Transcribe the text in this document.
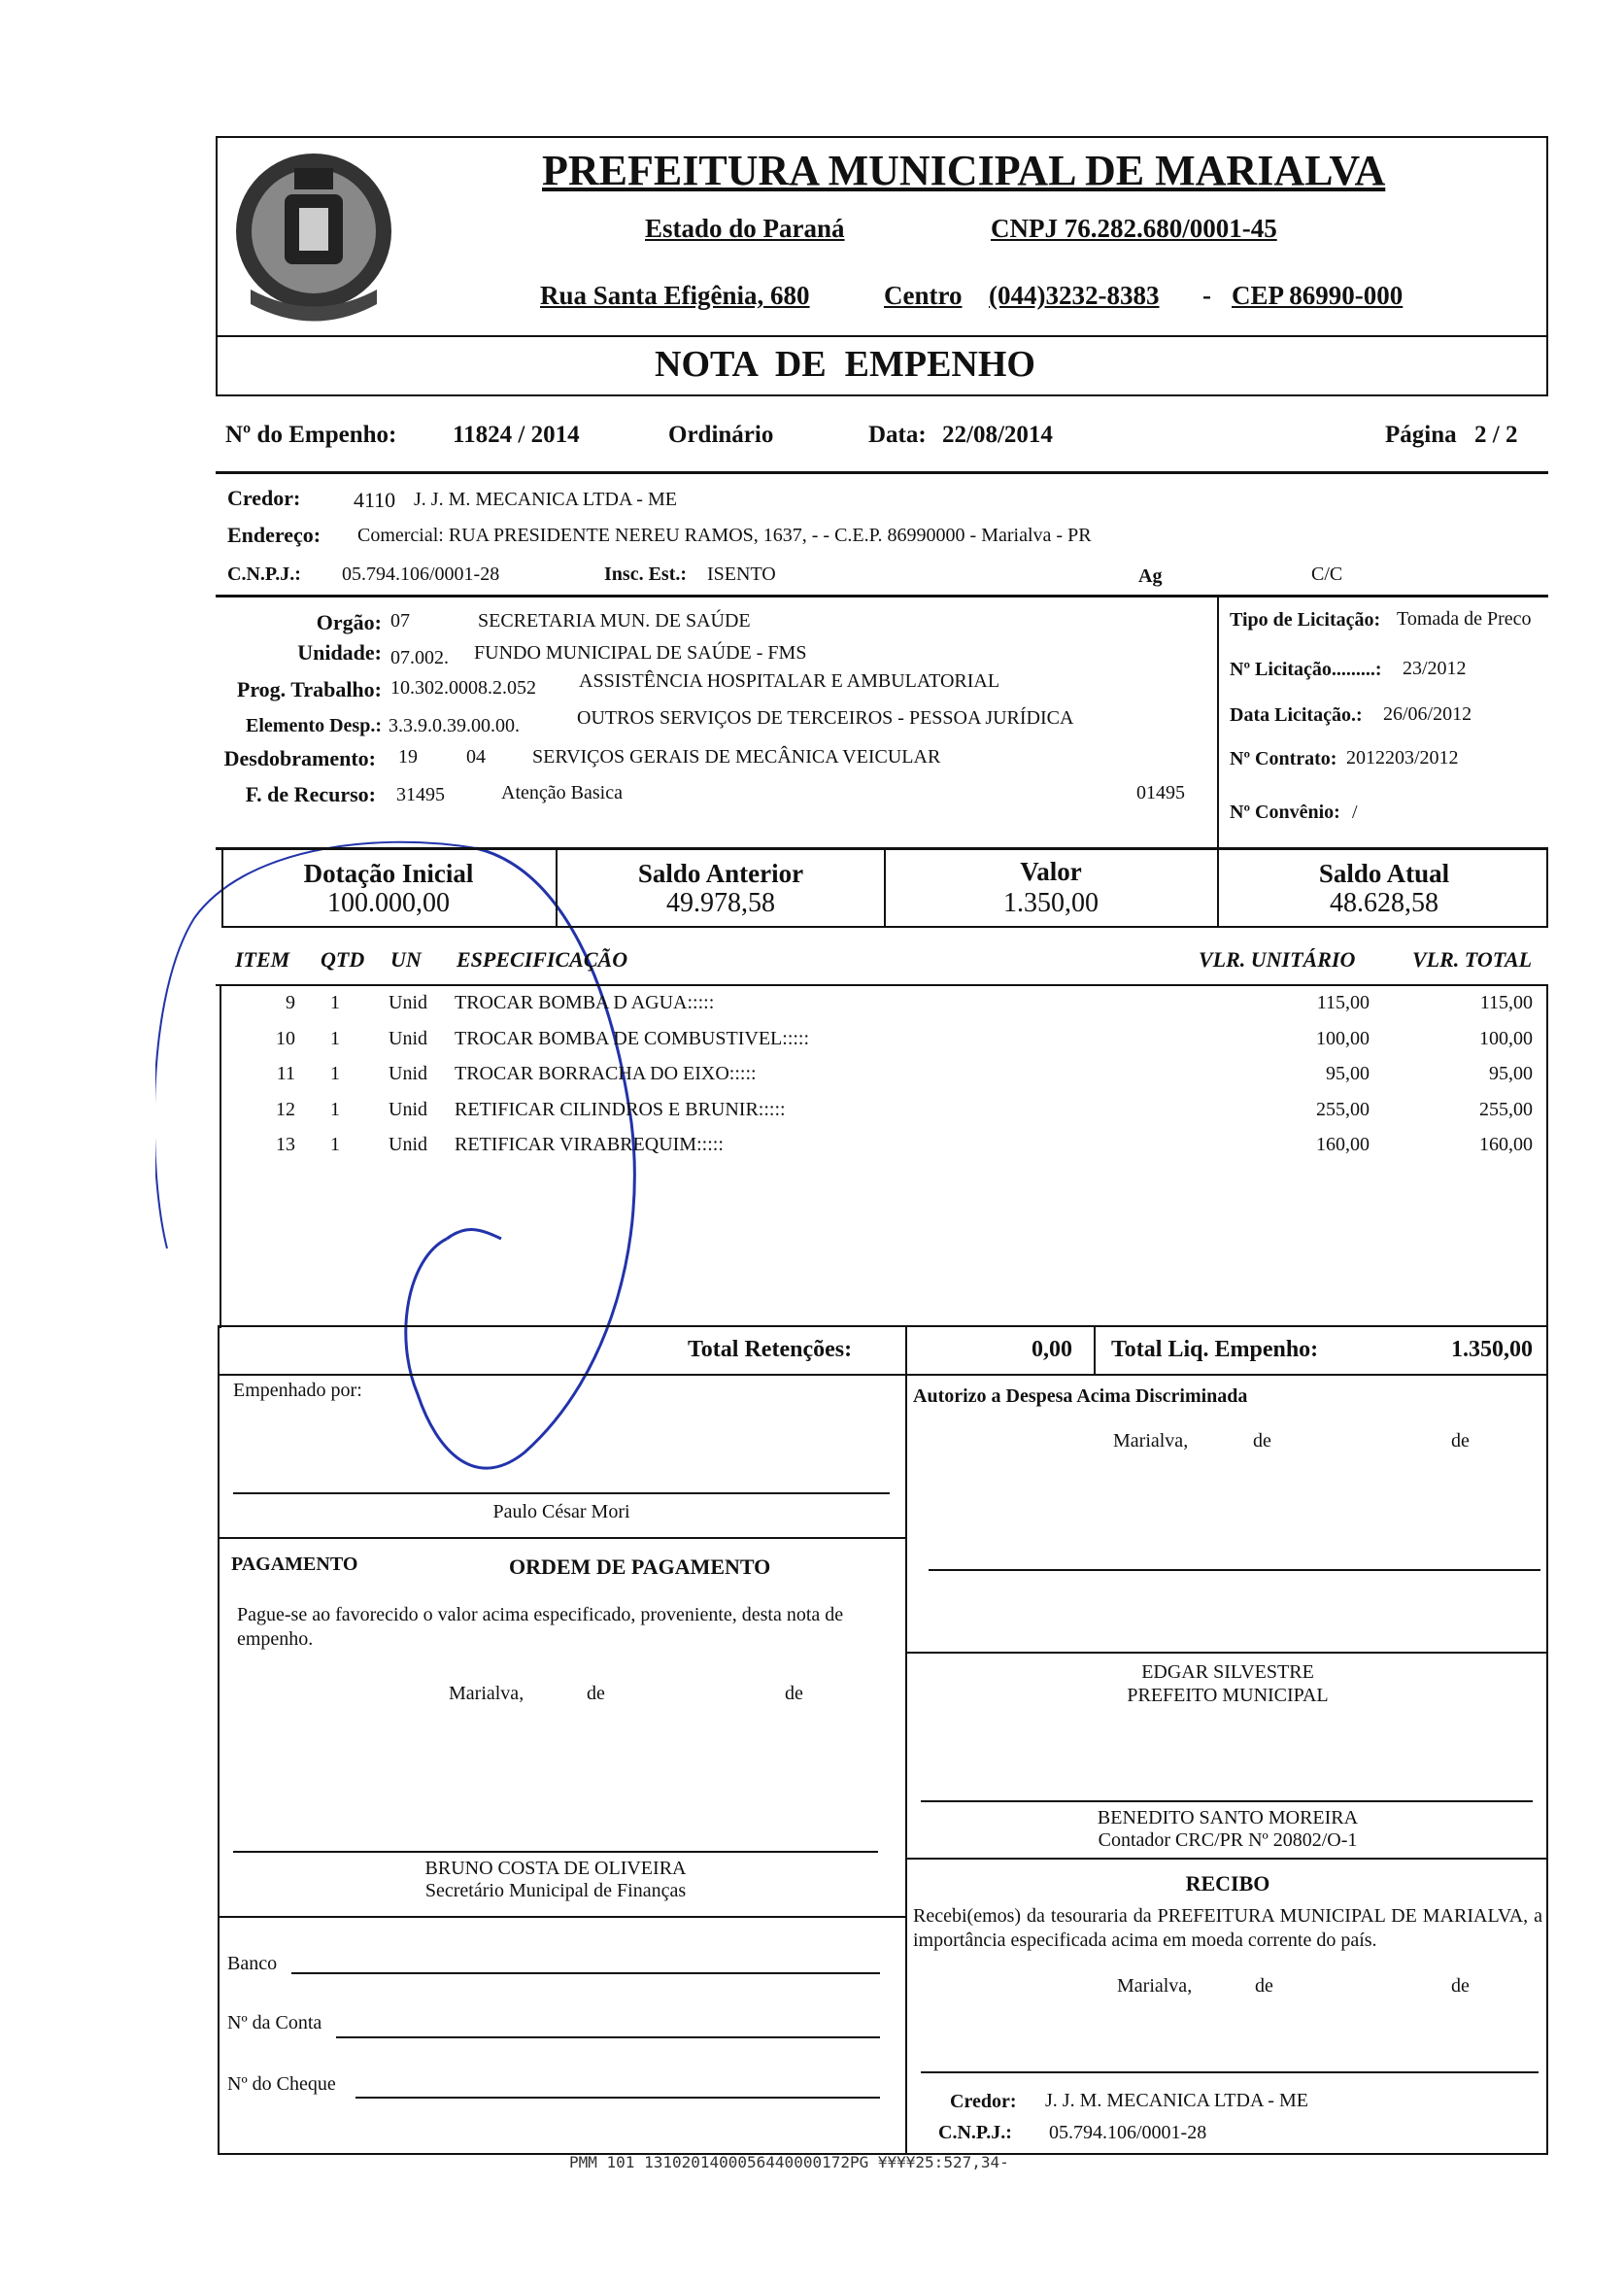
PREFEITURA MUNICIPAL DE MARIALVA
Estado do Paraná	CNPJ 76.282.680/0001-45
Rua Santa Efigênia, 680	Centro (044)3232-8383 - CEP 86990-000
NOTA  DE  EMPENHO
Nº do Empenho: 11824 / 2014	Ordinário	Data: 22/08/2014	Página 2 / 2
Credor: 4110 J. J. M. MECANICA LTDA - ME
Endereço: Comercial: RUA PRESIDENTE NEREU RAMOS, 1637, - - C.E.P. 86990000 - Marialva - PR
C.N.P.J.: 05.794.106/0001-28	Insc. Est.: ISENTO	Ag	C/C
Orgão: 07	SECRETARIA MUN. DE SAÚDE
Unidade: 07.002. FUNDO MUNICIPAL DE SAÚDE - FMS
Prog. Trabalho: 10.302.0008.2.052 ASSISTÊNCIA HOSPITALAR E AMBULATORIAL
Elemento Desp.: 3.3.9.0.39.00.00.	OUTROS SERVIÇOS DE TERCEIROS - PESSOA JURÍDICA
Desdobramento: 19	04 SERVIÇOS GERAIS DE MECÂNICA VEICULAR
F. de Recurso: 31495	Atenção Basica	01495
Tipo de Licitação: Tomada de Preco
Nº Licitação.........: 23/2012
Data Licitação.: 26/06/2012
Nº Contrato: 2012203/2012
Nº Convênio: /
Dotação Inicial
100.000,00
Saldo Anterior
49.978,58
Valor
1.350,00
Saldo Atual
48.628,58
ITEM QTD UN ESPECIFICAÇÃO	VLR. UNITÁRIO	VLR. TOTAL
9	1	Unid	TROCAR BOMBA D AGUA:::::	115,00	115,00
10	1	Unid	TROCAR BOMBA DE COMBUSTIVEL:::::	100,00	100,00
11	1	Unid	TROCAR BORRACHA DO EIXO:::::	95,00	95,00
12	1	Unid	RETIFICAR CILINDROS E BRUNIR:::::	255,00	255,00
13	1	Unid	RETIFICAR VIRABREQUIM:::::	160,00	160,00
Total Retenções:	0,00 Total Liq. Empenho:	1.350,00
Empenhado por:
Paulo César Mori
Autorizo a Despesa Acima Discriminada
Marialva,	de	de
EDGAR SILVESTRE
PREFEITO MUNICIPAL
BENEDITO SANTO MOREIRA
Contador CRC/PR Nº 20802/O-1
PAGAMENTO	ORDEM DE PAGAMENTO
Pague-se ao favorecido o valor acima especificado, proveniente, desta nota de empenho.
Marialva,	de	de
BRUNO COSTA DE OLIVEIRA
Secretário Municipal de Finanças
Banco
Nº da Conta
Nº do Cheque
RECIBO
Recebi(emos) da tesouraria da PREFEITURA MUNICIPAL DE MARIALVA, a importância especificada acima em moeda corrente do país.
Marialva,	de	de
Credor: J. J. M. MECANICA LTDA - ME
C.N.P.J.: 05.794.106/0001-28
PMM 101 1310201400056440000172PG ¥¥¥¥25:527,34-
